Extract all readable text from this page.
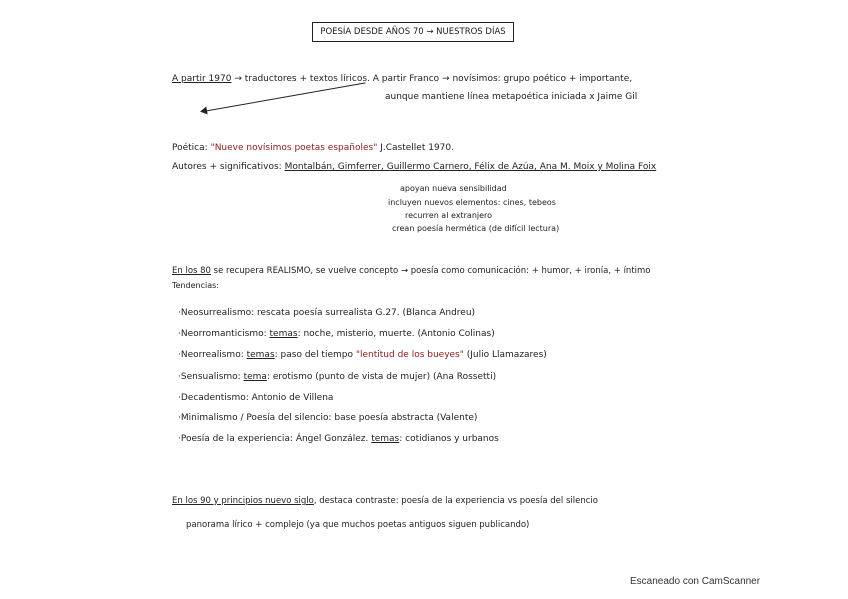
POESÍA DESDE AÑOS 70 → NUESTROS DÍAS
A partir 1970 → traductores + textos líricos. A partir Franco → novísimos: grupo poético + importante,
aunque mantiene línea metapoética iniciada x Jaime Gil
Poética: "Nueve novísimos poetas españoles" J.Castellet 1970.
Autores + significativos: Montalbán, Gimferrer, Guillermo Carnero, Félix de Azúa, Ana M. Moix y Molina Foix
apoyan nueva sensibilidad
incluyen nuevos elementos: cines, tebeos
recurren al extranjero
crean poesía hermética (de difícil lectura)
En los 80 se recupera REALISMO, se vuelve concepto → poesía como comunicación: + humor, + ironía, + íntimo
Tendencias:
·Neosurrealismo: rescata poesía surrealista G.27. (Blanca Andreu)
·Neorromanticismo: temas: noche, misterio, muerte. (Antonio Colinas)
·Neorrealismo: temas: paso del tiempo "lentitud de los bueyes" (Julio Llamazares)
·Sensualismo: tema: erotismo (punto de vista de mujer) (Ana Rossetti)
·Decadentismo: Antonio de Villena
·Minimalismo / Poesía del silencio: base poesía abstracta (Valente)
·Poesía de la experiencia: Ángel González. temas: cotidianos y urbanos
En los 90 y principios nuevo siglo, destaca contraste: poesía de la experiencia vs poesía del silencio
panorama lírico + complejo (ya que muchos poetas antiguos siguen publicando)
Escaneado con CamScanner
